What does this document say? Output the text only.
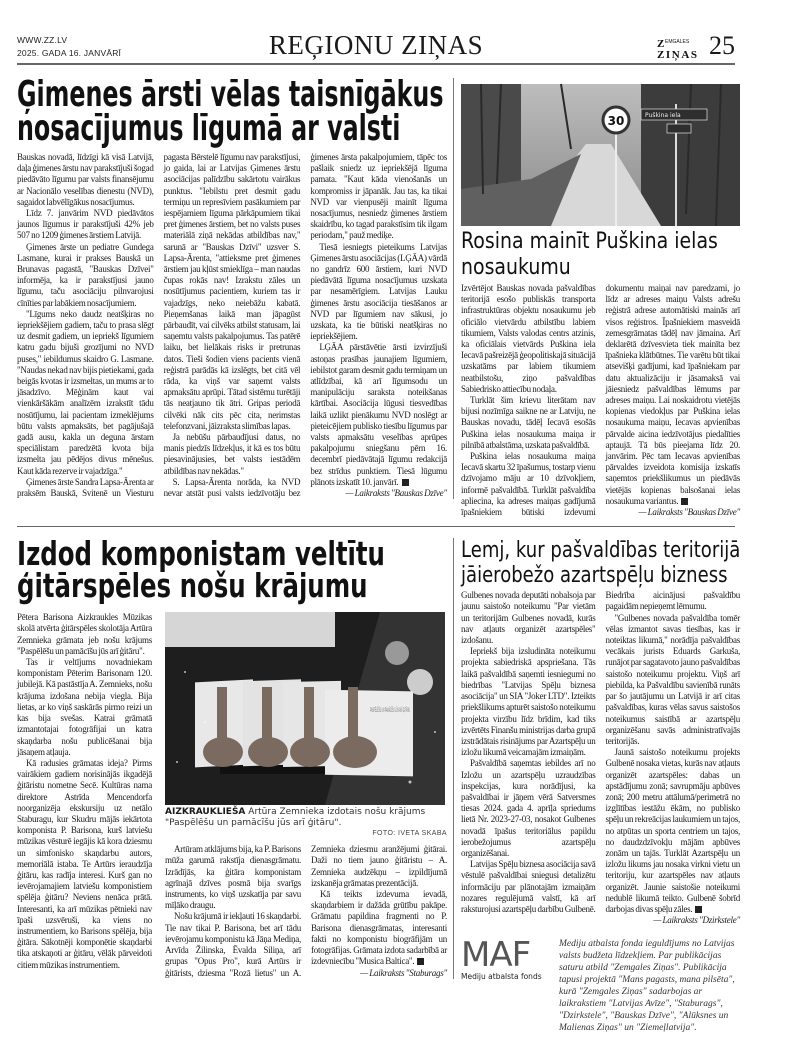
WWW.ZZ.LV
2025. GADA 16. JANVĀRĪ	REĢIONU ZIŅAS	Z EMGALES
ZIŅAS 25
Ģimenes ārsti vēlas taisnīgākus
nosacījumus līgumā ar valsti

Bauskas novadā, līdzīgi kā visā Latvijā, daļa ģimenes ārstu nav parakstījuši šogad piedāvāto līgumu par valsts finansējumu ar Nacionālo veselības dienestu (NVD), sagaidot labvēlīgākus nosacījumus.

Līdz 7. janvārim NVD piedāvātos jaunos līgumus ir parakstījuši 42% jeb 507 no 1209 ģimenes ārstiem Latvijā.

Ģimenes ārste un pediatre Gundega Lasmane, kurai ir prakses Bauskā un Brunavas pagastā, "Bauskas Dzīvei" informēja, ka ir parakstījusi jauno līgumu, taču asociāciju pilnvarojusi cīnīties par labākiem nosacījumiem.

"Līgums neko daudz neatšķiras no iepriekšējiem gadiem, taču to prasa slēgt uz desmit gadiem, un iepriekš līgumiem katru gadu bijuši grozījumi no NVD puses," iebildumus skaidro G. Lasmane. "Naudas nekad nav bijis pietiekami, gada beigās kvotas ir izsmeltas, un mums ar to jāsadzīvo. Mēģinām kaut vai vienkāršākām analīzēm izrakstīt tādu nosūtījumu, lai pacientam izmeklējums būtu valsts apmaksāts, bet pagājušajā gadā ausu, kakla un deguna ārstam speciālistam paredzētā kvota bija izsmelta jau pēdējos divus mēnešus. Kaut kāda rezerve ir vajadzīga."

Ģimenes ārste Sandra Lapsa-Ārenta ar praksēm Bauskā, Svitenē un Viesturu pagasta Bērstelē līgumu nav parakstījusi, jo gaida, lai ar Latvijas Ģimenes ārstu asociācijas palīdzību sakārtotu vairākus punktus. "Iebilstu pret desmit gadu termiņu un represīviem pasākumiem par iespējamiem līguma pārkāpumiem tikai pret ģimenes ārstiem, bet no valsts puses materiālā ziņā nekādas atbildības nav," sarunā ar "Bauskas Dzīvi" uzsver S. Lapsa-Ārenta, "attieksme pret ģimenes ārstiem jau kļūst smieklīga – man naudas čupas rokās nav! Izrakstu zāles un nosūtījumus pacientiem, kuriem tas ir vajadzīgs, neko neiebāžu kabatā. Pieņemšanas laikā man jāpagūst pārbaudīt, vai cilvēks atbilst statusam, lai saņemtu valsts pakalpojumus. Tas patērē laiku, bet lielākais risks ir pretrunas datos. Tieši šodien viens pacients vienā reģistrā parādās kā izslēgts, bet citā vēl rāda, ka viņš var saņemt valsts apmaksātu aprūpi. Tātad sistēmu turētāji tās neatjauno tik ātri. Gripas periodā cilvēki nāk cits pēc cita, nerimstas telefonzvani, jāizraksta slimības lapas.

Ja nebūšu pārbaudījusi datus, no manis piedzīs līdzekļus, it kā es tos būtu piesavinājusies, bet valsts iestādēm atbildības nav nekādas."

S. Lapsa-Ārenta norāda, ka NVD nevar atstāt pusi valsts iedzīvotāju bez ģimenes ārsta pakalpojumiem, tāpēc tos pašlaik sniedz uz iepriekšējā līguma pamata. "Kaut kāda vienošanās un kompromiss ir jāpanāk. Jau tas, ka tikai NVD var vienpusēji mainīt līguma nosacījumus, nesniedz ģimenes ārstiem skaidrību, ko tagad parakstīsim tik ilgam periodam," pauž mediķe.

Tiesā iesniegts pieteikums Latvijas Ģimenes ārstu asociācijas (LĢĀA) vārdā no gandrīz 600 ārstiem, kuri NVD piedāvātā līguma nosacījumus uzskata par nesamērīgiem. Latvijas Lauku ģimenes ārstu asociācija tiesāšanos ar NVD par līgumiem nav sākusi, jo uzskata, ka tie būtiski neatšķiras no iepriekšējiem.

LĢĀA pārstāvētie ārsti izvirzījuši astoņas prasības jaunajiem līgumiem, iebilstot garam desmit gadu termiņam un atlīdzībai, kā arī līgumsodu un manipulāciju saraksta noteikšanas kārtībai. Asociācija lūgusi tiesvedības laikā uzlikt pienākumu NVD noslēgt ar pieteicējiem publisko tiesību līgumus par valsts apmaksātu veselības aprūpes pakalpojumu sniegšanu pērn 16. decembrī piedāvātajā līgumu redakcijā bez strīdus punktiem. Tiesā lūgumu plānots izskatīt 10. janvārī.

— Laikraksts "Bauskas Dzīve"

30	Puškina iela
Rosina mainīt Puškina ielas
nosaukumu

Izvērtējot Bauskas novada pašvaldības teritorijā esošo publiskās transporta infrastruktūras objektu nosaukumu jeb oficiālo vietvārdu atbilstību labiem tikumiem, Valsts valodas centrs atzinis, ka oficiālais vietvārds Puškina iela Iecavā pašreizējā ģeopolitiskajā situācijā uzskatāms par labiem tikumiem neatbilstošu, ziņo pašvaldības Sabiedrisko attiecību nodaļa.

Turklāt šim krievu literātam nav bijusi nozīmīga saikne ne ar Latviju, ne Bauskas novadu, tādēļ Iecavā esošās Puškina ielas nosaukuma maiņa ir pilnībā atbalstāma, uzskata pašvaldībā.

Puškina ielas nosaukuma maiņa Iecavā skartu 32 īpašumus, tostarp vienu dzīvojamo māju ar 10 dzīvokļiem, informē pašvaldībā. Turklāt pašvaldība apliecina, ka adreses maiņas gadījumā īpašniekiem būtiski izdevumi dokumentu maiņai nav paredzami, jo līdz ar adreses maiņu Valsts adrešu reģistrā adrese automātiski mainās arī visos reģistros. Īpašniekiem masveidā zemesgrāmatas tādēļ nav jāmaina. Arī deklarētā dzīvesvieta tiek mainīta bez īpašnieka klātbūtnes. Tie varētu būt tikai atsevišķi gadījumi, kad īpašniekam par datu aktualizāciju ir jāsamaksā vai jāiesniedz pašvaldības lēmums par adreses maiņu. Lai noskaidrotu vietējās kopienas viedokļus par Puškina ielas nosaukuma maiņu, Iecavas apvienības pārvalde aicina iedzīvotājus piedalīties aptaujā. Tā būs pieejama līdz 20. janvārim. Pēc tam Iecavas apvienības pārvaldes izveidota komisija izskatīs saņemtos priekšlikumus un piedāvās vietējās kopienas balsošanai ielas nosaukuma variantus.

— Laikraksts "Bauskas Dzīve"

Izdod komponistam veltītu
ģitārspēles nošu krājumu

Pētera Barisona Aizkraukles Mūzikas skolā atvērta ģitārspēles skolotāja Artūra Zemnieka grāmata jeb nošu krājums "Paspēlēšu un pamācīšu jūs arī ģitāru".

Tas ir veltījums novadniekam komponistam Pēterim Barisonam 120. jubilejā. Kā pastāstīja A. Zemnieks, nošu krājuma izdošana nebija viegla. Bija lietas, ar ko viņš saskārās pirmo reizi un kas bija svešas. Katrai grāmatā izmantotajai fotogrāfijai un katra skaņdarba nošu publicēšanai bija jāsaņem atļauja.

Kā radusies grāmatas ideja? Pirms vairākiem gadiem norisinājās ikgadējā ģitāristu nometne Secē. Kultūras nama direktore Astrīda Mencendorfa noorganizēja ekskursiju uz netālo Staburagu, kur Skudru mājās iekārtota komponista P. Barisona, kurš latviešu mūzikas vēsturē iegājis kā kora dziesmu un simfonisko skaņdarbu autors, memoriālā istaba. Te Artūrs ieraudzīja ģitāru, kas radīja interesi. Kurš gan no ievērojamajiem latviešu komponistiem spēlēja ģitāru? Neviens nenāca prātā. Interesanti, ka arī mūzikas pētnieki nav īpaši uzsvēruši, ka viens no instrumentiem, ko Barisons spēlēja, bija ģitāra. Sākotnēji komponētie skaņdarbi tika atskaņoti ar ģitāru, vēlāk pārveidoti citiem mūzikas instrumentiem.

AIZKRAUKLIEŠA Artūra Zemnieka izdotais nošu krājums "Paspēlēšu un pamācīšu jūs arī ģitāru".
FOTO: IVETA SKABA

Artūram atklājums bija, ka P. Barisons mūža garumā rakstīja dienasgrāmatu. Izrādījās, ka ģitāra komponistam agrīnajā dzīves posmā bija svarīgs instruments, ko viņš uzskatīja par savu mīļāko draugu.

Nošu krājumā ir iekļauti 16 skaņdarbi. Tie nav tikai P. Barisona, bet arī tādu ievērojamu komponistu kā Jāņa Mediņa, Arvīda Žilinska, Ēvalda Siliņa, arī grupas "Opus Pro", kurā Artūrs ir ģitārists, dziesma "Rozā lietus" un A. Zemnieka dziesmu aranžējumi ģitārai. Daži no tiem jauno ģitāristu – A. Zemnieka audzēkņu – izpildījumā izskanēja grāmatas prezentācijā.

Kā teikts izdevuma ievadā, skaņdarbiem ir dažāda grūtību pakāpe. Grāmatu papildina fragmenti no P. Barisona dienasgrāmatas, interesanti fakti no komponistu biogrāfijām un fotogrāfijas. Grāmata izdota sadarbībā ar izdevniecību "Musica Baltica".

— Laikraksts "Staburags"

Lemj, kur pašvaldības teritorijā
jāierobežo azartspēļu bizness

Gulbenes novada deputāti nobalsoja par jaunu saistošo noteikumu "Par vietām un teritorijām Gulbenes novadā, kurās nav atļauts organizēt azartspēles" izdošanu.

Iepriekš bija izsludināta noteikumu projekta sabiedriskā apspriešana. Tās laikā pašvaldībā saņemti iesniegumi no biedrības "Latvijas Spēļu biznesa asociācija" un SIA "Joker LTD". Izteikts priekšlikums apturēt saistošo noteikumu projekta virzību līdz brīdim, kad tiks izvērtēts Finanšu ministrijas darba grupā izstrādātais risinājums par Azartspēļu un izložu likumā veicamajām izmaiņām.

Pašvaldībā saņemtas iebildes arī no Izložu un azartspēļu uzraudzības inspekcijas, kura norādījusi, ka pašvaldībai ir jāņem vērā Satversmes tiesas 2024. gada 4. aprīļa spriedums lietā Nr. 2023-27-03, nosakot Gulbenes novadā īpašus teritoriālus papildu ierobežojumus azartspēļu organizēšanai.

Latvijas Spēļu biznesa asociācija savā vēstulē pašvaldībai sniegusi detalizētu informāciju par plānotajām izmaiņām nozares regulējumā valstī, kā arī raksturojusi azartspēļu darbību Gulbenē. Biedrība aicinājusi pašvaldību pagaidām nepieņemt lēmumu.

"Gulbenes novada pašvaldība tomēr vēlas izmantot savas tiesības, kas ir noteiktas likumā," norādīja pašvaldības vecākais jurists Eduards Garkuša, runājot par sagatavoto jauno pašvaldības saistošo noteikumu projektu. Viņš arī piebilda, ka Pašvaldību savienībā runāts par šo jautājumu un Latvijā ir arī citas pašvaldības, kuras vēlas savus saistošos noteikumus saistībā ar azartspēļu organizēšanu savās administratīvajās teritorijās.

Jaunā saistošo noteikumu projekts Gulbenē nosaka vietas, kurās nav atļauts organizēt azartspēles: dabas un apstādījumu zonā; savrupmāju apbūves zonā; 200 metru attālumā/perimetrā no izglītības iestāžu ēkām, no publisko spēļu un rekreācijas laukumiem un tajos, no atpūtas un sporta centriem un tajos, no daudzdzīvokļu mājām apbūves zonām un tajās. Turklāt Azartspēļu un izložu likums jau nosaka virkni vietu un teritoriju, kur azartspēles nav atļauts organizēt. Jaunie saistošie noteikumi nedublē likumā teikto. Gulbenē šobrīd darbojas divas spēļu zāles.

— Laikraksts "Dzirkstele"

MAF
Mediju atbalsta fonds
Mediju atbalsta fonda ieguldījums no Latvijas valsts budžeta līdzekļiem. Par publikācijas saturu atbild "Zemgales Ziņas". Publikācija tapusi projektā "Mans pagasts, mana pilsēta", kurā "Zemgales Ziņas" sadarbojas ar laikrakstiem "Latvijas Avīze", "Staburags", "Dzirkstele", "Bauskas Dzīve", "Alūksnes un Malienas Ziņas" un "Ziemeļlatvija".
